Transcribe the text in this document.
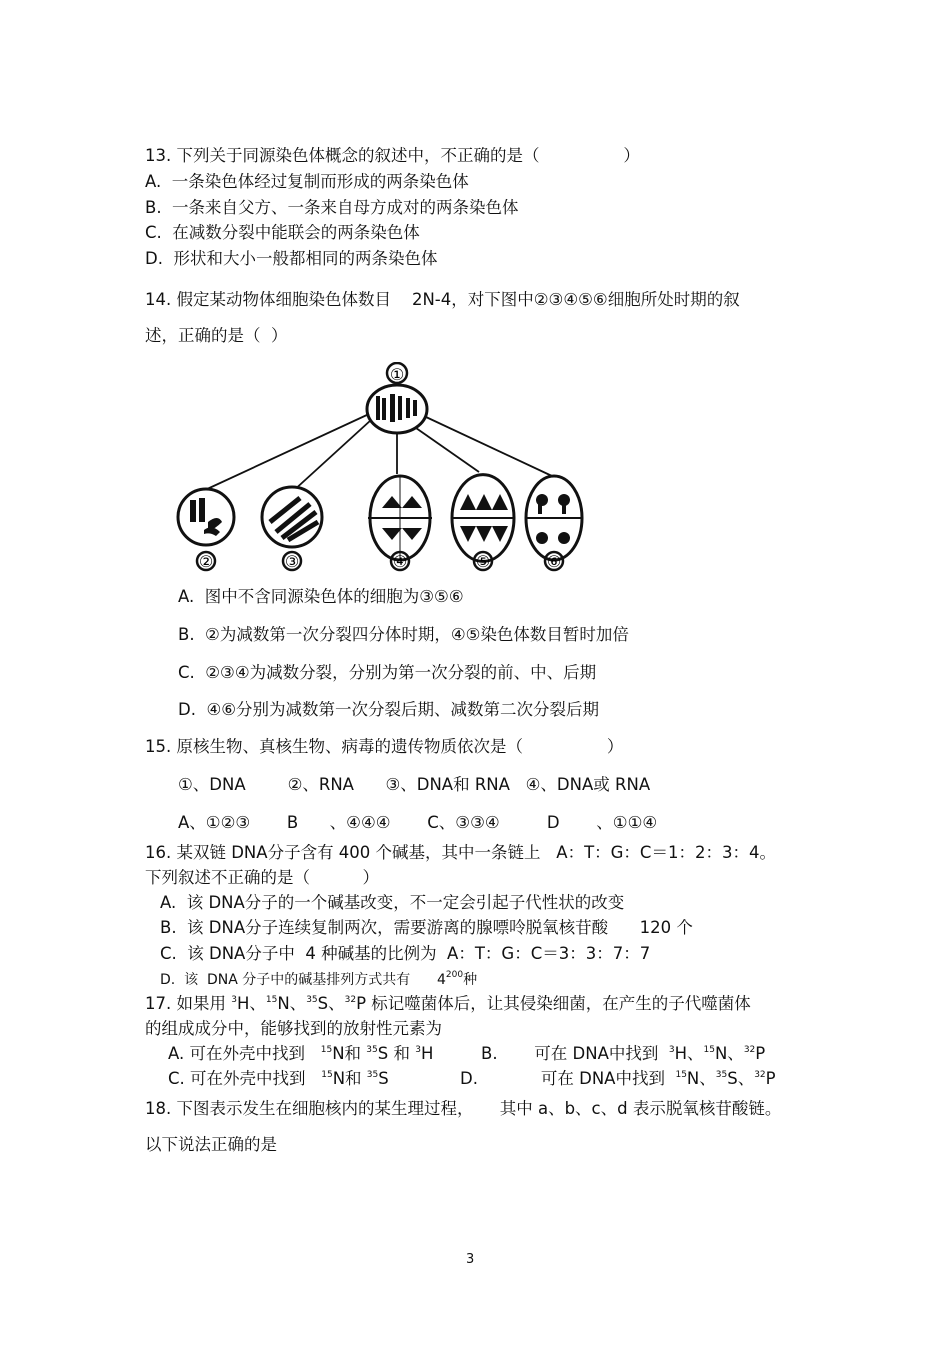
13. 下列关于同源染色体概念的叙述中，不正确的是（                ）
A.  一条染色体经过复制而形成的两条染色体
B.  一条来自父方、一条来自母方成对的两条染色体
C.  在减数分裂中能联会的两条染色体
D.  形状和大小一般都相同的两条染色体
14. 假定某动物体细胞染色体数目    2N-4，对下图中②③④⑤⑥细胞所处时期的叙
述，正确的是（  ）
①
②	③	④	⑤	⑥
A.  图中不含同源染色体的细胞为③⑤⑥
B.  ②为减数第一次分裂四分体时期，④⑤染色体数目暂时加倍
C.  ②③④为减数分裂，分别为第一次分裂的前、中、后期
D.  ④⑥分别为减数第一次分裂后期、减数第二次分裂后期
15. 原核生物、真核生物、病毒的遗传物质依次是（                ）
①、DNA        ②、RNA      ③、DNA和 RNA   ④、DNA或 RNA
A、①②③       B      、④④④       C、③③④         D       、①①④
16. 某双链 DNA分子含有 400 个碱基，其中一条链上   A：T：G：C＝1：2：3：4。
下列叙述不正确的是（          ）
A.  该 DNA分子的一个碱基改变，不一定会引起子代性状的改变
B.  该 DNA分子连续复制两次，需要游离的腺嘌呤脱氧核苷酸      120 个
C.  该 DNA分子中  4 种碱基的比例为  A：T：G：C＝3：3：7：7
D.  该  DNA 分子中的碱基排列方式共有      $4^{200}$种
17. 如果用 $^3$H、$^{15}$N、$^{35}$S、$^{32}$P 标记噬菌体后，让其侵染细菌，在产生的子代噬菌体
的组成成分中，能够找到的放射性元素为
A. 可在外壳中找到   $^{15}$N和 $^{35}$S 和 $^3$H	B.       可在 DNA中找到  $^3$H、$^{15}$N、$^{32}$P
C. 可在外壳中找到   $^{15}$N和 $^{35}$S	D.            可在 DNA中找到  $^{15}$N、$^{35}$S、$^{32}$P
18. 下图表示发生在细胞核内的某生理过程，     其中 a、b、c、d 表示脱氧核苷酸链。
以下说法正确的是
3
